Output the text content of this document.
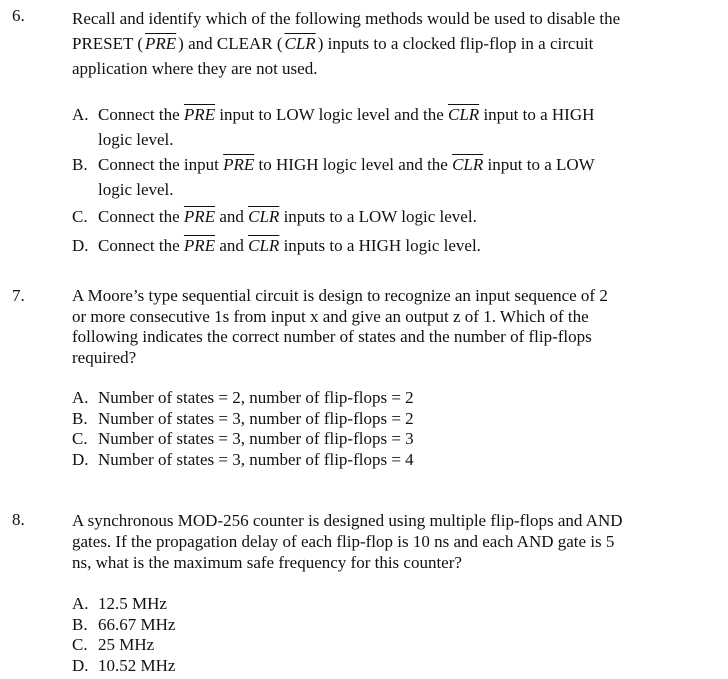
6.	Recall and identify which of the following methods would be used to disable the
PRESET ( $\overline{PRE}$ ) and CLEAR ( $\overline{CLR}$ ) inputs to a clocked flip-flop in a circuit
application where they are not used.
A. Connect the $\overline{PRE}$ input to LOW logic level and the $\overline{CLR}$ input to a HIGH
logic level.
B. Connect the input $\overline{PRE}$ to HIGH logic level and the $\overline{CLR}$ input to a LOW
logic level.
C. Connect the $\overline{PRE}$ and $\overline{CLR}$ inputs to a LOW logic level.
D. Connect the $\overline{PRE}$ and $\overline{CLR}$ inputs to a HIGH logic level.
7.	A Moore’s type sequential circuit is design to recognize an input sequence of 2
or more consecutive 1s from input x and give an output z of 1. Which of the
following indicates the correct number of states and the number of flip-flops
required?
A. Number of states = 2, number of flip-flops = 2
B. Number of states = 3, number of flip-flops = 2
C. Number of states = 3, number of flip-flops = 3
D. Number of states = 3, number of flip-flops = 4
8.	A synchronous MOD-256 counter is designed using multiple flip-flops and AND
gates. If the propagation delay of each flip-flop is 10 ns and each AND gate is 5
ns, what is the maximum safe frequency for this counter?
A. 12.5 MHz
B. 66.67 MHz
C. 25 MHz
D. 10.52 MHz
